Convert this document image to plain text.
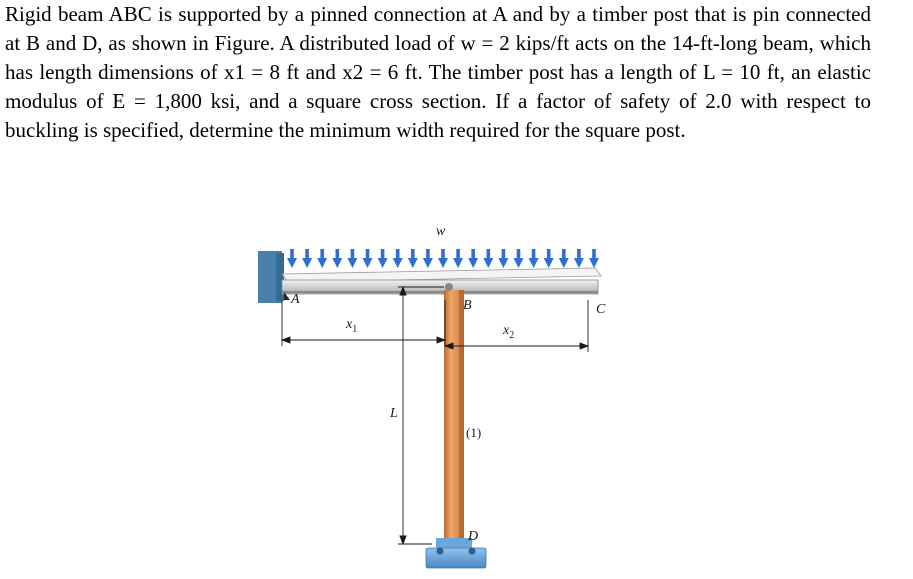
Rigid beam ABC is supported by a pinned connection at A and by a timber post that is pin connected at B and D, as shown in Figure. A distributed load of w = 2 kips/ft acts on the 14-ft-long beam, which has length dimensions of x1 = 8 ft and x2 = 6 ft. The timber post has a length of L = 10 ft, an elastic modulus of E = 1,800 ksi, and a square cross section. If a factor of safety of 2.0 with respect to buckling is specified, determine the minimum width required for the square post.

w
A	B	C
D
$x_1$	$x_2$
L
(1)
